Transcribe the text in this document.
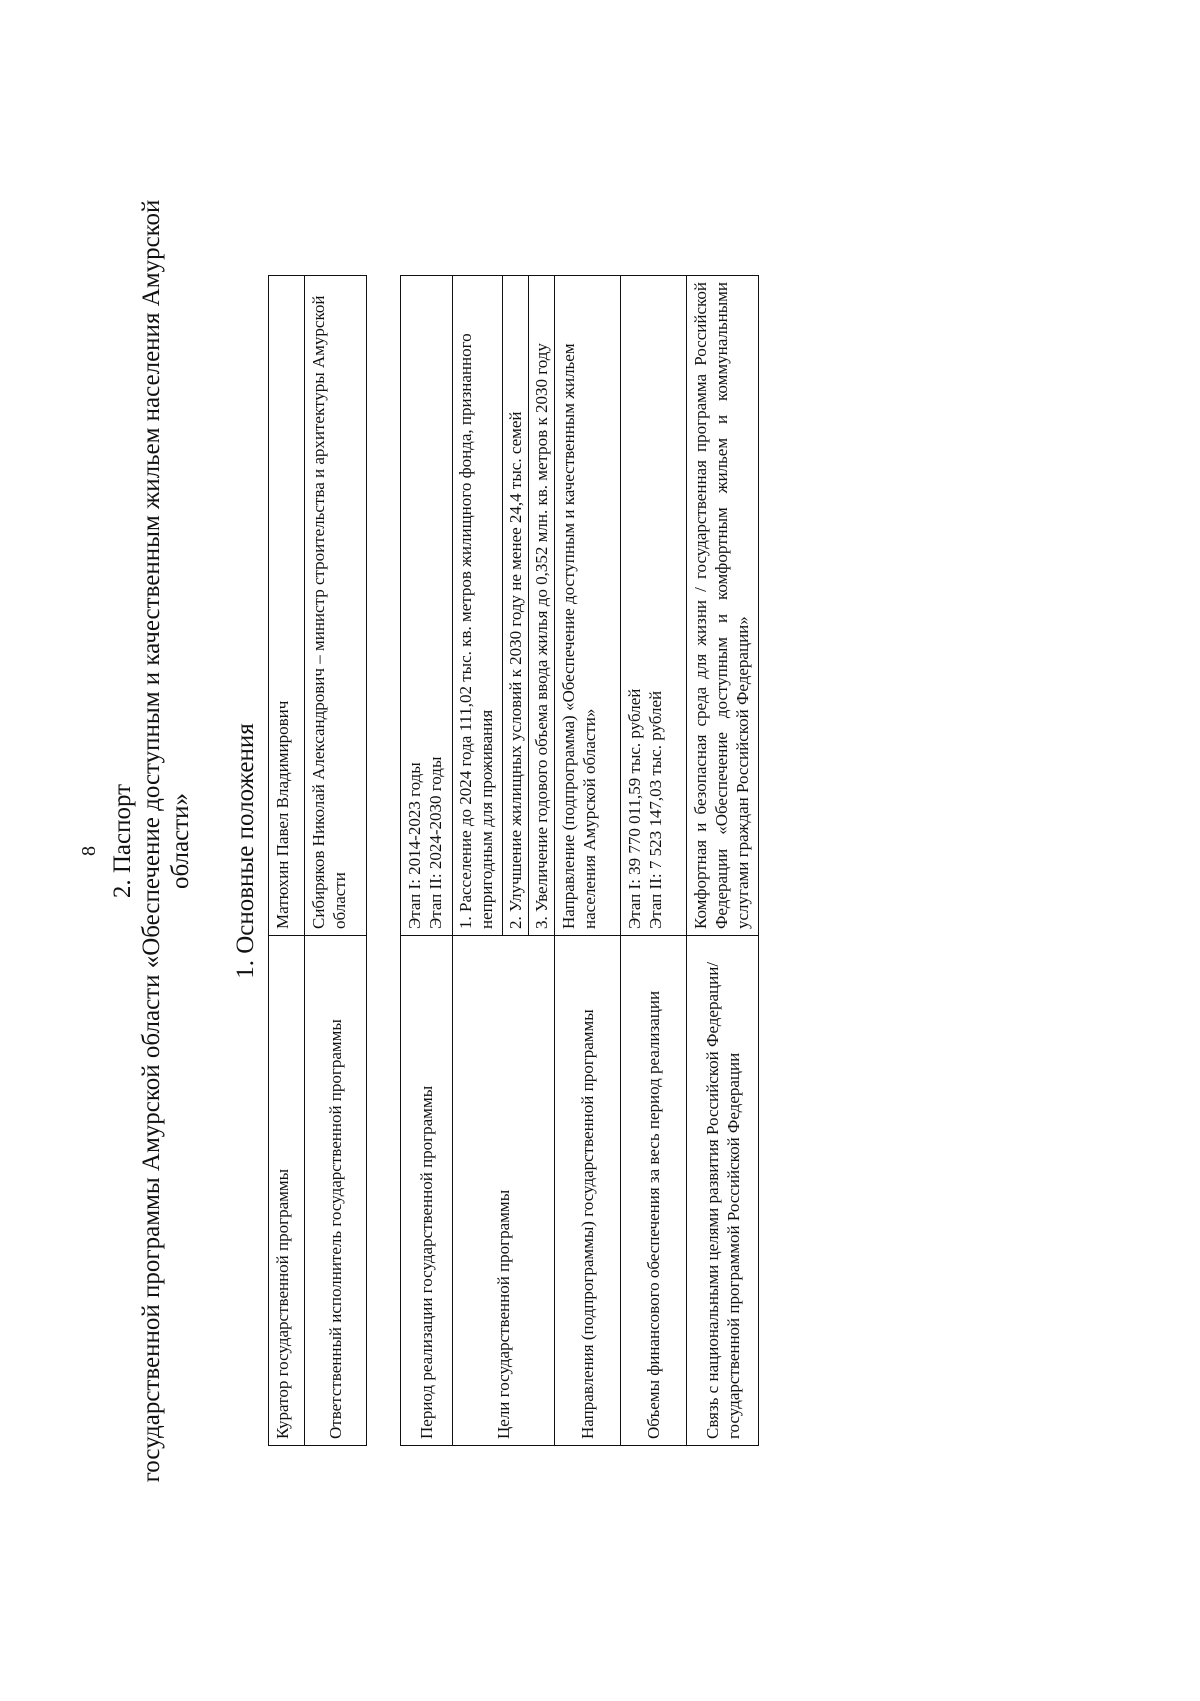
8 2. Паспорт государственной программы Амурской области «Обеспечение доступным и качественным жильем населения Амурской области» 1. Основные положения
Куратор государственной программы	Матюхин Павел Владимирович
Ответственный исполнитель государственной программы	Сибиряков Николай Александрович – министр строительства и архитектуры Амурской области
Период реализации государственной программы	Этап I: 2014-2023 годы Этап II: 2024-2030 годы

Цели государственной программы	1. Расселение до 2024 года 111,02 тыс. кв. метров жилищного фонда, признанного непригодным для проживания
	2. Улучшение жилищных условий к 2030 году не менее 24,4 тыс. семей
	3. Увеличение годового объема ввода жилья до 0,352 млн. кв. метров к 2030 году
Направления (подпрограммы) государственной программы	Направление (подпрограмма) «Обеспечение доступным и качественным жильем населения Амурской области»
Объемы финансового обеспечения за весь период реализации	Этап I: 39 770 011,59 тыс. рублей Этап II: 7 523 147,03 тыс. рублей

Связь с национальными целями развития Российской Федерации/ государственной программой Российской Федерации	Комфортная и безопасная среда для жизни / государственная программа Российской Федерации «Обеспечение доступным и комфортным жильем и коммунальными услугами граждан Российской Федерации»
